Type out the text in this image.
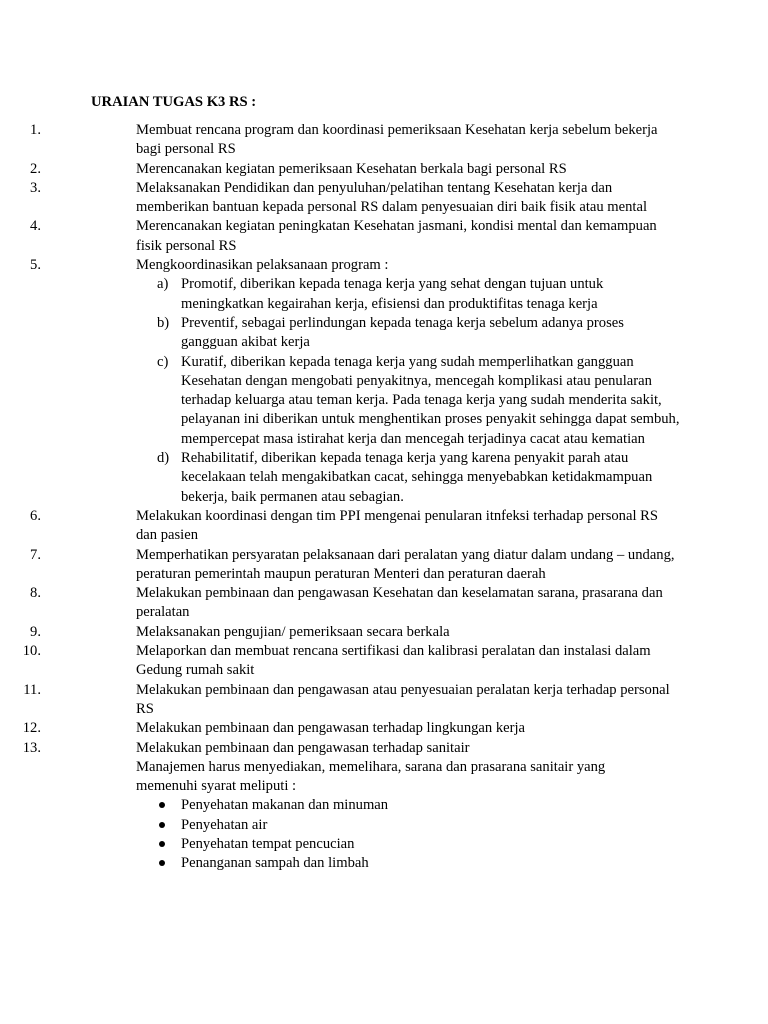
URAIAN TUGAS K3 RS :
1.	Membuat rencana program dan koordinasi pemeriksaan Kesehatan kerja sebelum bekerja bagi personal RS
2.	Merencanakan kegiatan pemeriksaan Kesehatan berkala bagi personal RS
3.	Melaksanakan Pendidikan dan penyuluhan/pelatihan tentang Kesehatan kerja dan memberikan bantuan kepada personal RS dalam penyesuaian diri baik fisik atau mental
4.	Merencanakan kegiatan peningkatan Kesehatan jasmani, kondisi mental dan kemampuan fisik personal RS
5.	Mengkoordinasikan pelaksanaan program :
a) Promotif, diberikan kepada tenaga kerja yang sehat dengan tujuan untuk meningkatkan kegairahan kerja, efisiensi dan produktifitas tenaga kerja
b) Preventif, sebagai perlindungan kepada tenaga kerja sebelum adanya proses gangguan akibat kerja
c) Kuratif, diberikan kepada tenaga kerja yang sudah memperlihatkan gangguan Kesehatan dengan mengobati penyakitnya, mencegah komplikasi atau penularan terhadap keluarga atau teman kerja. Pada tenaga kerja yang sudah menderita sakit, pelayanan ini diberikan untuk menghentikan proses penyakit sehingga dapat sembuh, mempercepat masa istirahat kerja dan mencegah terjadinya cacat atau kematian
d) Rehabilitatif, diberikan kepada tenaga kerja yang karena penyakit parah atau kecelakaan telah mengakibatkan cacat, sehingga menyebabkan ketidakmampuan bekerja, baik permanen atau sebagian.
6.	Melakukan koordinasi dengan tim PPI mengenai penularan itnfeksi terhadap personal RS dan pasien
7.	Memperhatikan persyaratan pelaksanaan dari peralatan yang diatur dalam undang – undang, peraturan pemerintah maupun peraturan Menteri dan peraturan daerah
8.	Melakukan pembinaan dan pengawasan Kesehatan dan keselamatan sarana, prasarana dan peralatan
9.	Melaksanakan pengujian/ pemeriksaan secara berkala
10.	Melaporkan dan membuat rencana sertifikasi dan kalibrasi peralatan dan instalasi dalam Gedung rumah sakit
11.	Melakukan pembinaan dan pengawasan atau penyesuaian peralatan kerja terhadap personal RS
12.	Melakukan pembinaan dan pengawasan terhadap lingkungan kerja
13.	Melakukan pembinaan dan pengawasan terhadap sanitair
Manajemen harus menyediakan, memelihara, sarana dan prasarana sanitair yang memenuhi syarat meliputi :
Penyehatan makanan dan minuman
Penyehatan air
Penyehatan tempat pencucian
Penanganan sampah dan limbah
